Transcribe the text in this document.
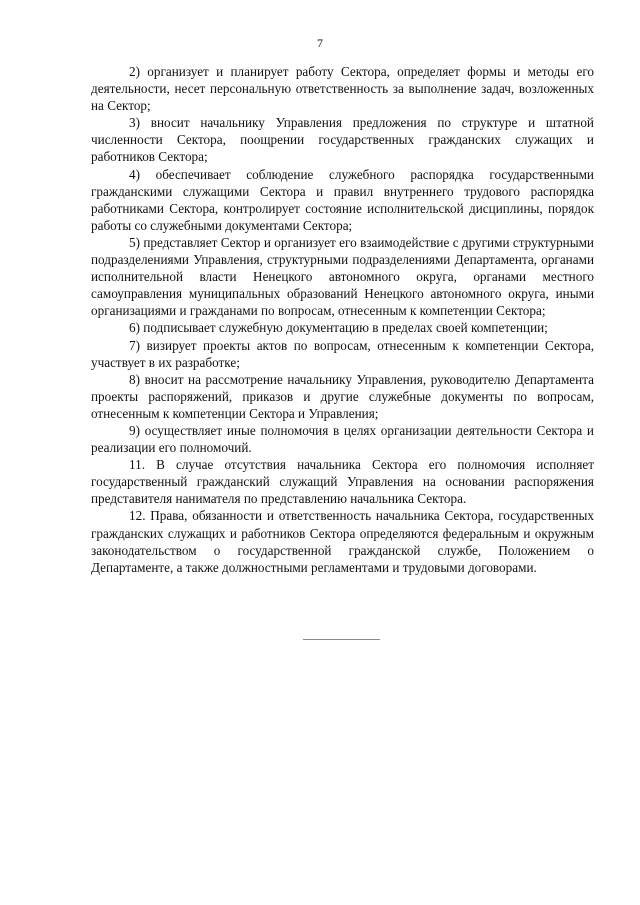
7

2) организует и планирует работу Сектора, определяет формы и методы его деятельности, несет персональную ответственность за выполнение задач, возложенных на Сектор;

3) вносит начальнику Управления предложения по структуре и штатной численности Сектора, поощрении государственных гражданских служащих и работников Сектора;

4) обеспечивает соблюдение служебного распорядка государственными гражданскими служащими Сектора и правил внутреннего трудового распорядка работниками Сектора, контролирует состояние исполнительской дисциплины, порядок работы со служебными документами Сектора;

5) представляет Сектор и организует его взаимодействие с другими структурными подразделениями Управления, структурными подразделениями Департамента, органами исполнительной власти Ненецкого автономного округа, органами местного самоуправления муниципальных образований Ненецкого автономного округа, иными организациями и гражданами по вопросам, отнесенным к компетенции Сектора;

6) подписывает служебную документацию в пределах своей компетенции;

7) визирует проекты актов по вопросам, отнесенным к компетенции Сектора, участвует в их разработке;

8) вносит на рассмотрение начальнику Управления, руководителю Департамента проекты распоряжений, приказов и другие служебные документы по вопросам, отнесенным к компетенции Сектора и Управления;

9) осуществляет иные полномочия в целях организации деятельности Сектора и реализации его полномочий.

11. В случае отсутствия начальника Сектора его полномочия исполняет государственный гражданский служащий Управления на основании распоряжения представителя нанимателя по представлению начальника Сектора.

12. Права, обязанности и ответственность начальника Сектора, государственных гражданских служащих и работников Сектора определяются федеральным и окружным законодательством о государственной гражданской службе, Положением о Департаменте, а также должностными регламентами и трудовыми договорами.
